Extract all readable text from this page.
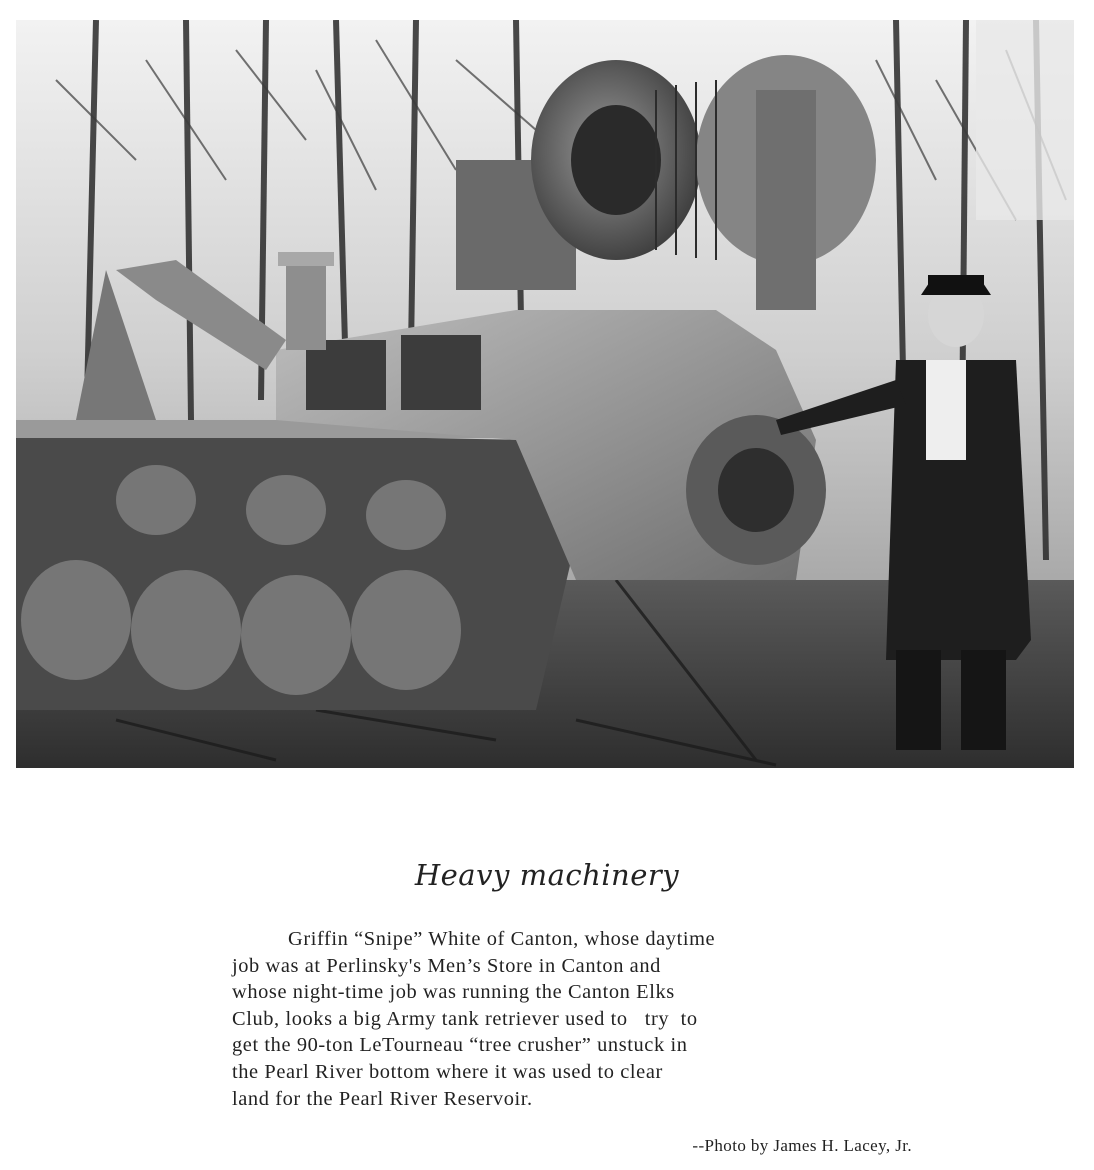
Heavy machinery
Griffin “Snipe” White of Canton, whose daytime
job was at Perlinsky's Men’s Store in Canton and
whose night-time job was running the Canton Elks
Club, looks a big Army tank retriever used to   try  to
get the 90-ton LeTourneau “tree crusher” unstuck in
the Pearl River bottom where it was used to clear
land for the Pearl River Reservoir.
--Photo by James H. Lacey, Jr.
